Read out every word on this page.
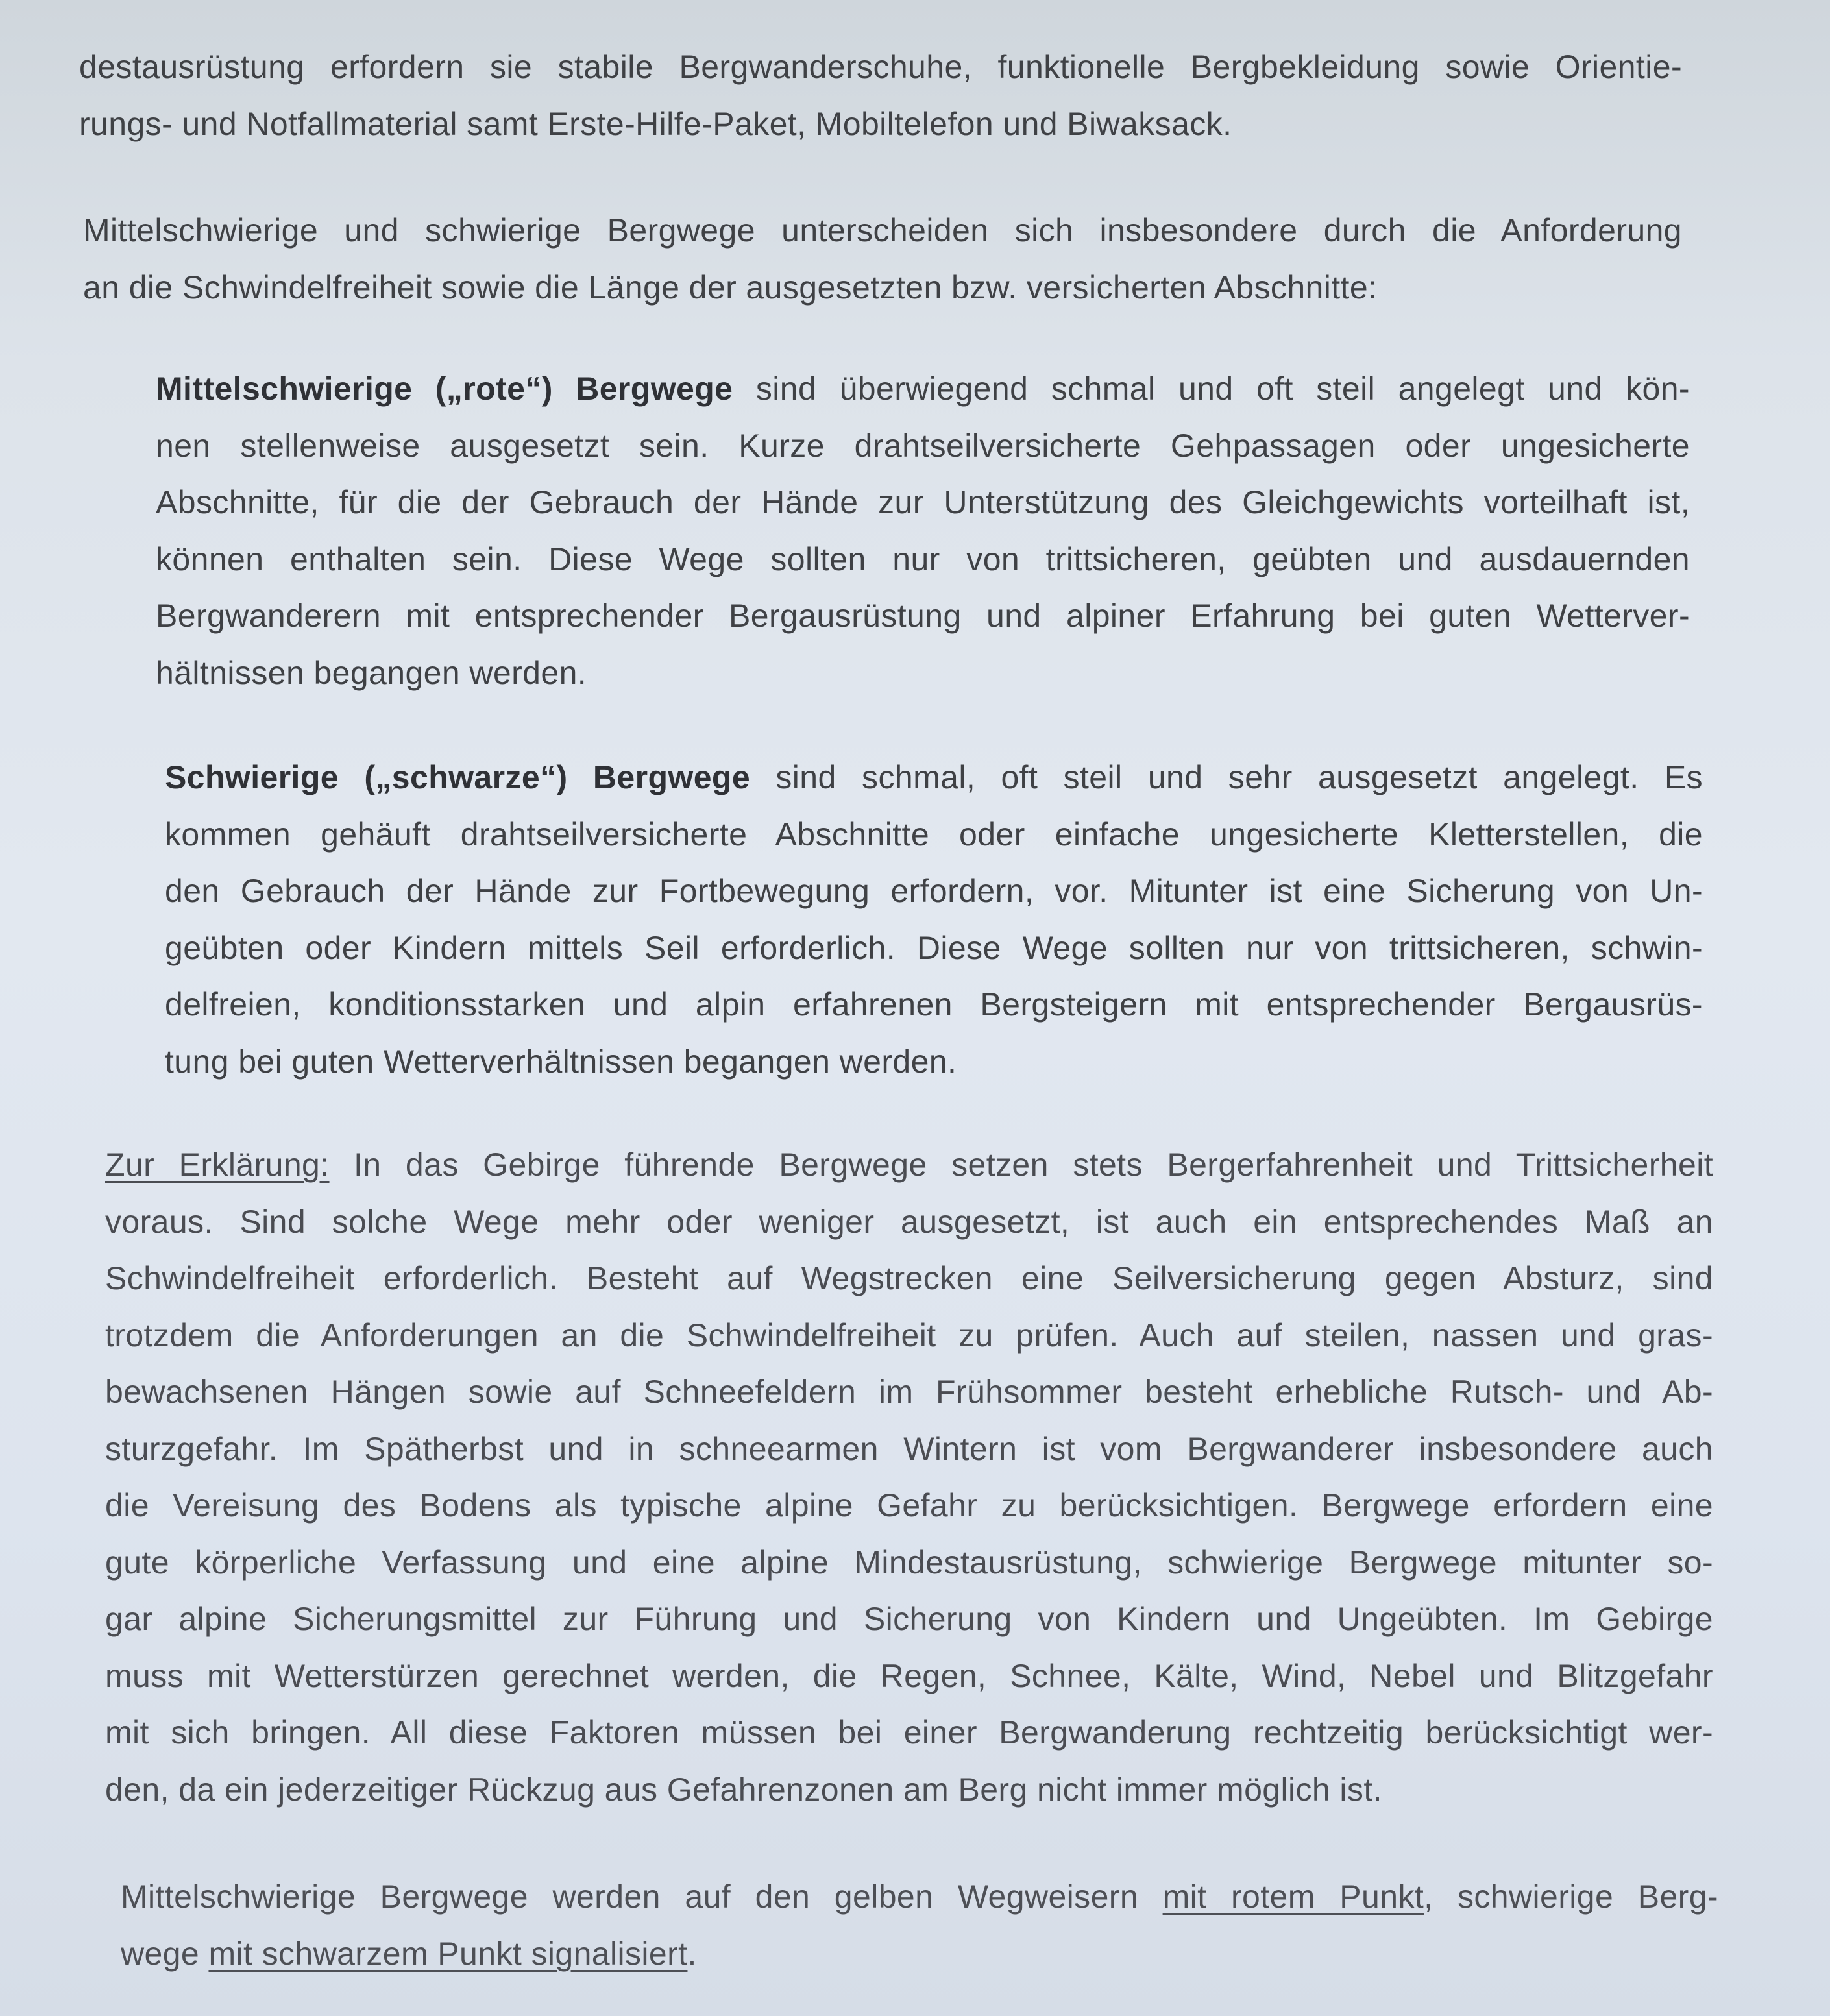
destausrüstung erfordern sie stabile Bergwanderschuhe, funktionelle Bergbekleidung sowie Orientie-
rungs- und Notfallmaterial samt Erste-Hilfe-Paket, Mobiltelefon und Biwaksack.
Mittelschwierige und schwierige Bergwege unterscheiden sich insbesondere durch die Anforderung
an die Schwindelfreiheit sowie die Länge der ausgesetzten bzw. versicherten Abschnitte:
Mittelschwierige („rote“) Bergwege sind überwiegend schmal und oft steil angelegt und kön-
nen stellenweise ausgesetzt sein. Kurze drahtseilversicherte Gehpassagen oder ungesicherte
Abschnitte, für die der Gebrauch der Hände zur Unterstützung des Gleichgewichts vorteilhaft ist,
können enthalten sein. Diese Wege sollten nur von trittsicheren, geübten und ausdauernden
Bergwanderern mit entsprechender Bergausrüstung und alpiner Erfahrung bei guten Wetterver-
hältnissen begangen werden.
Schwierige („schwarze“) Bergwege sind schmal, oft steil und sehr ausgesetzt angelegt. Es
kommen gehäuft drahtseilversicherte Abschnitte oder einfache ungesicherte Kletterstellen, die
den Gebrauch der Hände zur Fortbewegung erfordern, vor. Mitunter ist eine Sicherung von Un-
geübten oder Kindern mittels Seil erforderlich. Diese Wege sollten nur von trittsicheren, schwin-
delfreien, konditionsstarken und alpin erfahrenen Bergsteigern mit entsprechender Bergausrüs-
tung bei guten Wetterverhältnissen begangen werden.
Zur Erklärung: In das Gebirge führende Bergwege setzen stets Bergerfahrenheit und Trittsicherheit
voraus. Sind solche Wege mehr oder weniger ausgesetzt, ist auch ein entsprechendes Maß an
Schwindelfreiheit erforderlich. Besteht auf Wegstrecken eine Seilversicherung gegen Absturz, sind
trotzdem die Anforderungen an die Schwindelfreiheit zu prüfen. Auch auf steilen, nassen und gras-
bewachsenen Hängen sowie auf Schneefeldern im Frühsommer besteht erhebliche Rutsch- und Ab-
sturzgefahr. Im Spätherbst und in schneearmen Wintern ist vom Bergwanderer insbesondere auch
die Vereisung des Bodens als typische alpine Gefahr zu berücksichtigen. Bergwege erfordern eine
gute körperliche Verfassung und eine alpine Mindestausrüstung, schwierige Bergwege mitunter so-
gar alpine Sicherungsmittel zur Führung und Sicherung von Kindern und Ungeübten. Im Gebirge
muss mit Wetterstürzen gerechnet werden, die Regen, Schnee, Kälte, Wind, Nebel und Blitzgefahr
mit sich bringen. All diese Faktoren müssen bei einer Bergwanderung rechtzeitig berücksichtigt wer-
den, da ein jederzeitiger Rückzug aus Gefahrenzonen am Berg nicht immer möglich ist.
Mittelschwierige Bergwege werden auf den gelben Wegweisern mit rotem Punkt, schwierige Berg-
wege mit schwarzem Punkt signalisiert.
